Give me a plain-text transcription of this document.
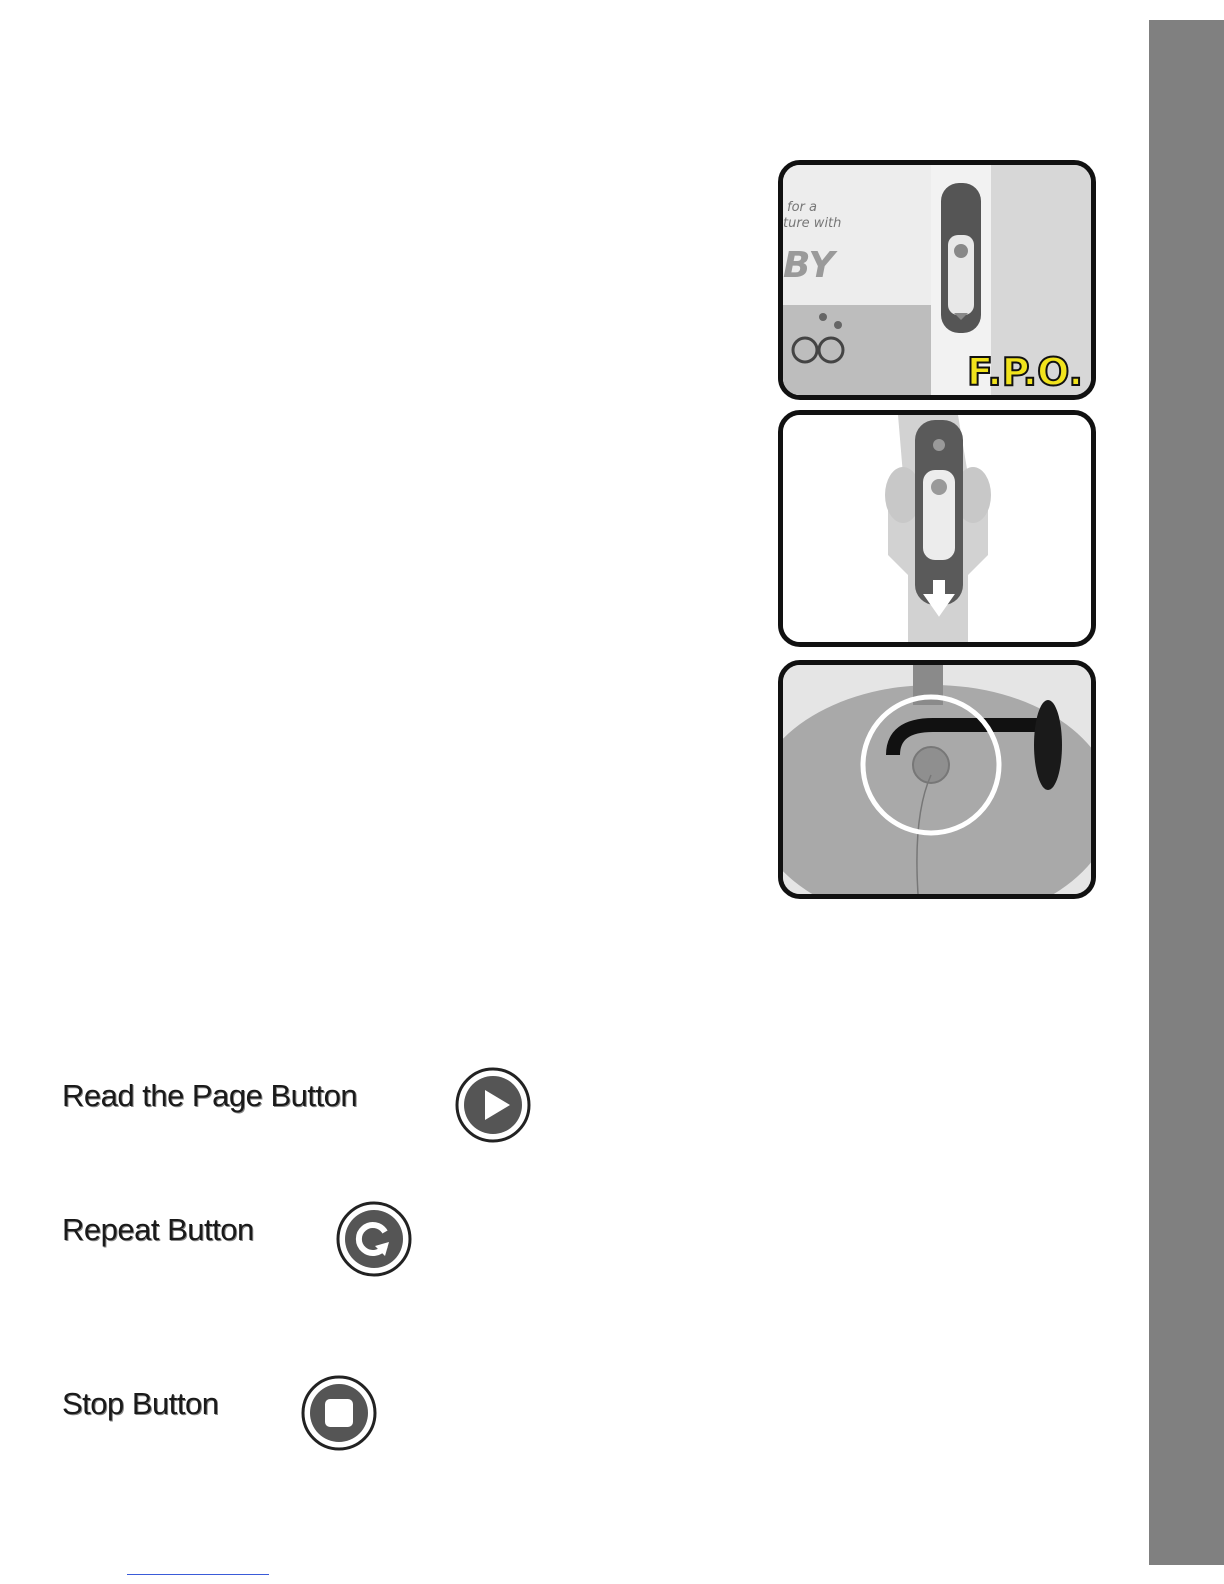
for a
ture with
BY
F.P.O.
Read the Page Button
Repeat Button
Stop Button
